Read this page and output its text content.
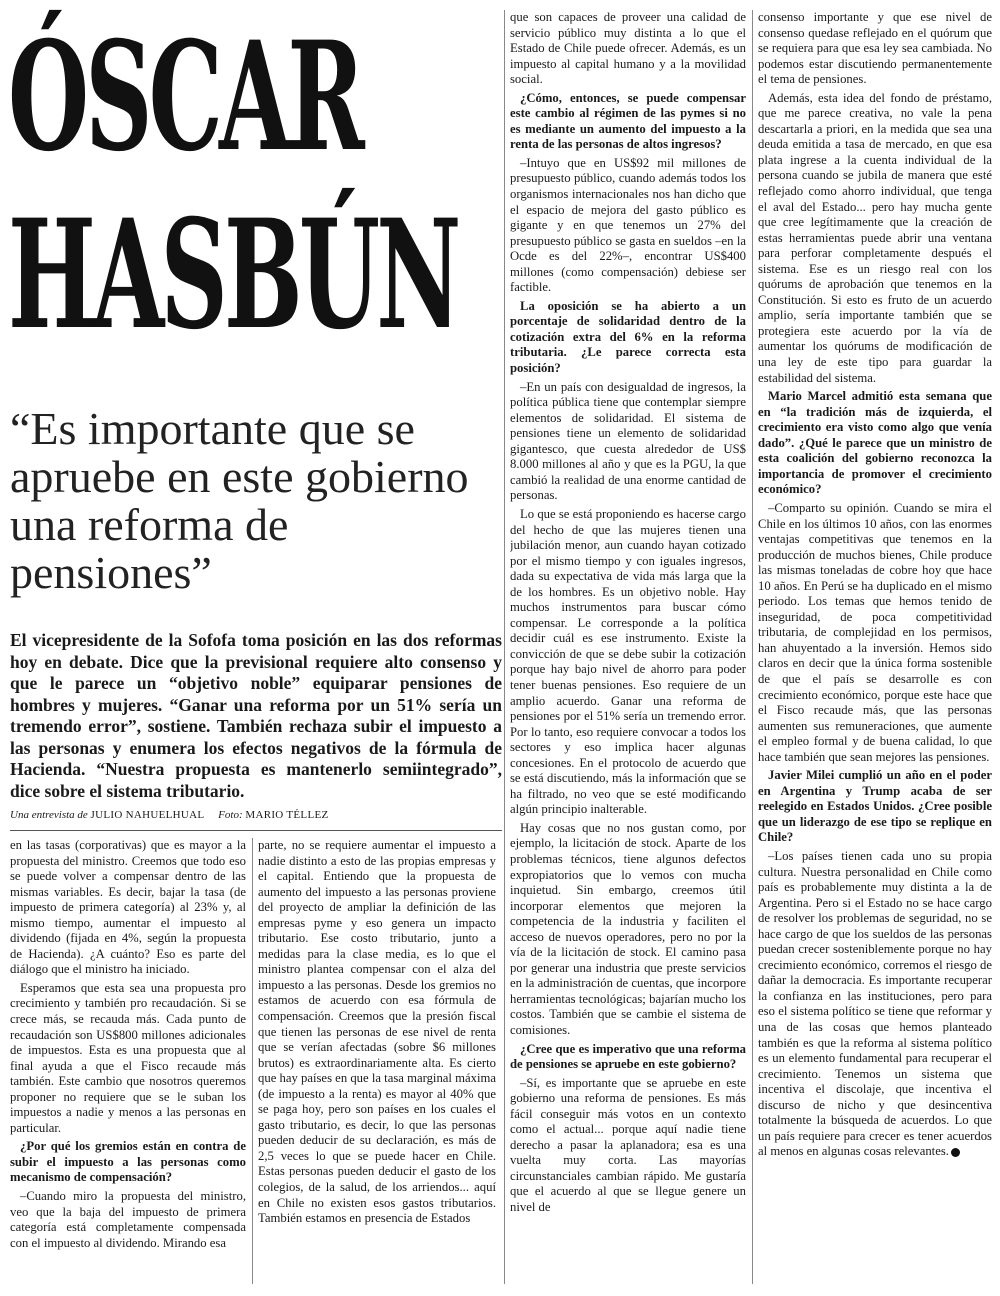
ÓSCAR
HASBÚN
“Es importante que se apruebe en este gobierno una reforma de pensiones”
El vicepresidente de la Sofofa toma posición en las dos reformas hoy en debate. Dice que la previsional requiere alto consenso y que le parece un “objetivo noble” equiparar pensiones de hombres y mujeres. “Ganar una reforma por un 51% sería un tremendo error”, sostiene. También rechaza subir el impuesto a las personas y enumera los efectos negativos de la fórmula de Hacienda. “Nuestra propuesta es mantenerlo semiintegrado”, dice sobre el sistema tributario.
Una entrevista de JULIO NAHUELHUAL Foto: MARIO TÉLLEZ

en las tasas (corporativas) que es mayor a la propuesta del ministro. Creemos que todo eso se puede volver a compensar dentro de las mismas variables. Es decir, bajar la tasa (de impuesto de primera categoría) al 23% y, al mismo tiempo, aumentar el impuesto al dividendo (fijada en 4%, según la propuesta de Hacienda). ¿A cuánto? Eso es parte del diálogo que el ministro ha iniciado.

Esperamos que esta sea una propuesta pro crecimiento y también pro recaudación. Si se crece más, se recauda más. Cada punto de recaudación son US$800 millones adicionales de impuestos. Esta es una propuesta que al final ayuda a que el Fisco recaude más también. Este cambio que nosotros queremos proponer no requiere que se le suban los impuestos a nadie y menos a las personas en particular.

¿Por qué los gremios están en contra de subir el impuesto a las personas como mecanismo de compensación?

–Cuando miro la propuesta del ministro, veo que la baja del impuesto de primera categoría está completamente compensada con el impuesto al dividendo. Mirando esa

parte, no se requiere aumentar el impuesto a nadie distinto a esto de las propias empresas y el capital. Entiendo que la propuesta de aumento del impuesto a las personas proviene del proyecto de ampliar la definición de las empresas pyme y eso genera un impacto tributario. Ese costo tributario, junto a medidas para la clase media, es lo que el ministro plantea compensar con el alza del impuesto a las personas. Desde los gremios no estamos de acuerdo con esa fórmula de compensación. Creemos que la presión fiscal que tienen las personas de ese nivel de renta que se verían afectadas (sobre $6 millones brutos) es extraordinariamente alta. Es cierto que hay países en que la tasa marginal máxima (de impuesto a la renta) es mayor al 40% que se paga hoy, pero son países en los cuales el gasto tributario, es decir, lo que las personas pueden deducir de su declaración, es más de 2,5 veces lo que se puede hacer en Chile. Estas personas pueden deducir el gasto de los colegios, de la salud, de los arriendos... aquí en Chile no existen esos gastos tributarios. También estamos en presencia de Estados

que son capaces de proveer una calidad de servicio público muy distinta a lo que el Estado de Chile puede ofrecer. Además, es un impuesto al capital humano y a la movilidad social.

¿Cómo, entonces, se puede compensar este cambio al régimen de las pymes si no es mediante un aumento del impuesto a la renta de las personas de altos ingresos?

–Intuyo que en US$92 mil millones de presupuesto público, cuando además todos los organismos internacionales nos han dicho que el espacio de mejora del gasto público es gigante y en que tenemos un 27% del presupuesto público se gasta en sueldos –en la Ocde es del 22%–, encontrar US$400 millones (como compensación) debiese ser factible.

La oposición se ha abierto a un porcentaje de solidaridad dentro de la cotización extra del 6% en la reforma tributaria. ¿Le parece correcta esta posición?

–En un país con desigualdad de ingresos, la política pública tiene que contemplar siempre elementos de solidaridad. El sistema de pensiones tiene un elemento de solidaridad gigantesco, que cuesta alrededor de US$ 8.000 millones al año y que es la PGU, la que cambió la realidad de una enorme cantidad de personas.

Lo que se está proponiendo es hacerse cargo del hecho de que las mujeres tienen una jubilación menor, aun cuando hayan cotizado por el mismo tiempo y con iguales ingresos, dada su expectativa de vida más larga que la de los hombres. Es un objetivo noble. Hay muchos instrumentos para buscar cómo compensar. Le corresponde a la política decidir cuál es ese instrumento. Existe la convicción de que se debe subir la cotización porque hay bajo nivel de ahorro para poder tener buenas pensiones. Eso requiere de un amplio acuerdo. Ganar una reforma de pensiones por el 51% sería un tremendo error. Por lo tanto, eso requiere convocar a todos los sectores y eso implica hacer algunas concesiones. En el protocolo de acuerdo que se está discutiendo, más la información que se ha filtrado, no veo que se esté modificando algún principio inalterable.

Hay cosas que no nos gustan como, por ejemplo, la licitación de stock. Aparte de los problemas técnicos, tiene algunos defectos expropiatorios que lo vemos con mucha inquietud. Sin embargo, creemos útil incorporar elementos que mejoren la competencia de la industria y faciliten el acceso de nuevos operadores, pero no por la vía de la licitación de stock. El camino pasa por generar una industria que preste servicios en la administración de cuentas, que incorpore herramientas tecnológicas; bajarían mucho los costos. También que se cambie el sistema de comisiones.

¿Cree que es imperativo que una reforma de pensiones se apruebe en este gobierno?

–Sí, es importante que se apruebe en este gobierno una reforma de pensiones. Es más fácil conseguir más votos en un contexto como el actual... porque aquí nadie tiene derecho a pasar la aplanadora; esa es una vuelta muy corta. Las mayorías circunstanciales cambian rápido. Me gustaría que el acuerdo al que se llegue genere un nivel de

consenso importante y que ese nivel de consenso quedase reflejado en el quórum que se requiera para que esa ley sea cambiada. No podemos estar discutiendo permanentemente el tema de pensiones.

Además, esta idea del fondo de préstamo, que me parece creativa, no vale la pena descartarla a priori, en la medida que sea una deuda emitida a tasa de mercado, en que esa plata ingrese a la cuenta individual de la persona cuando se jubila de manera que esté reflejado como ahorro individual, que tenga el aval del Estado... pero hay mucha gente que cree legítimamente que la creación de estas herramientas puede abrir una ventana para perforar completamente después el sistema. Ese es un riesgo real con los quórums de aprobación que tenemos en la Constitución. Si esto es fruto de un acuerdo amplio, sería importante también que se protegiera este acuerdo por la vía de aumentar los quórums de modificación de una ley de este tipo para guardar la estabilidad del sistema.

Mario Marcel admitió esta semana que en “la tradición más de izquierda, el crecimiento era visto como algo que venía dado”. ¿Qué le parece que un ministro de esta coalición del gobierno reconozca la importancia de promover el crecimiento económico?

–Comparto su opinión. Cuando se mira el Chile en los últimos 10 años, con las enormes ventajas competitivas que tenemos en la producción de muchos bienes, Chile produce las mismas toneladas de cobre hoy que hace 10 años. En Perú se ha duplicado en el mismo periodo. Los temas que hemos tenido de inseguridad, de poca competitividad tributaria, de complejidad en los permisos, han ahuyentado a la inversión. Hemos sido claros en decir que la única forma sostenible de que el país se desarrolle es con crecimiento económico, porque este hace que el Fisco recaude más, que las personas aumenten sus remuneraciones, que aumente el empleo formal y de buena calidad, lo que hace también que sean mejores las pensiones.

Javier Milei cumplió un año en el poder en Argentina y Trump acaba de ser reelegido en Estados Unidos. ¿Cree posible que un liderazgo de ese tipo se replique en Chile?

–Los países tienen cada uno su propia cultura. Nuestra personalidad en Chile como país es probablemente muy distinta a la de Argentina. Pero si el Estado no se hace cargo de resolver los problemas de seguridad, no se hace cargo de que los sueldos de las personas puedan crecer sosteniblemente porque no hay crecimiento económico, corremos el riesgo de dañar la democracia. Es importante recuperar la confianza en las instituciones, pero para eso el sistema político se tiene que reformar y una de las cosas que hemos planteado también es que la reforma al sistema político es un elemento fundamental para recuperar el crecimiento. Tenemos un sistema que incentiva el discolaje, que incentiva el discurso de nicho y que desincentiva totalmente la búsqueda de acuerdos. Lo que un país requiere para crecer es tener acuerdos al menos en algunas cosas relevantes.
